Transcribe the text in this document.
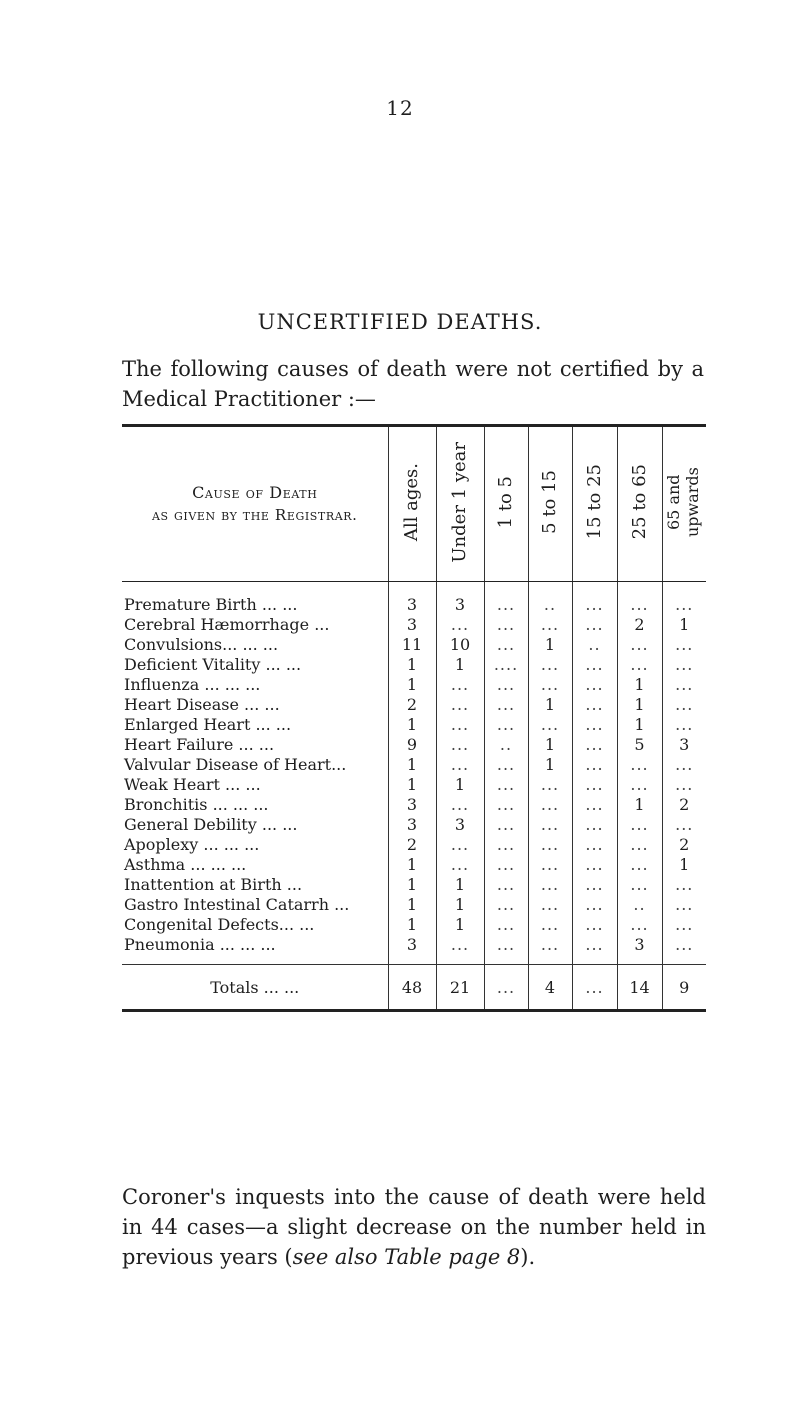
12
UNCERTIFIED DEATHS.
The following causes of death were not certified by a Medical Practitioner :—
Cause of Death
as given by the Registrar.	All ages.	Under 1 year	1 to 5	5 to 15	15 to 25	25 to 65	65 and upwards
Premature Birth ... ...	3	3	...	..	...	...	...
Cerebral Hæmorrhage ...	3	...	...	...	...	2	1
Convulsions... ... ...	11	10	...	1	..	...	...
Deficient Vitality ... ...	1	1	....	...	...	...	...
Influenza ... ... ...	1	...	...	...	...	1	...
Heart Disease ... ...	2	...	...	1	...	1	...
Enlarged Heart ... ...	1	...	...	...	...	1	...
Heart Failure ... ...	9	...	..	1	...	5	3
Valvular Disease of Heart...	1	...	...	1	...	...	...
Weak Heart ... ...	1	1	...	...	...	...	...
Bronchitis ... ... ...	3	...	...	...	...	1	2
General Debility ... ...	3	3	...	...	...	...	...
Apoplexy ... ... ...	2	...	...	...	...	...	2
Asthma ... ... ...	1	...	...	...	...	...	1
Inattention at Birth ...	1	1	...	...	...	...	...
Gastro Intestinal Catarrh ...	1	1	...	...	...	..	...
Congenital Defects... ...	1	1	...	...	...	...	...
Pneumonia ... ... ...	3	...	...	...	...	3	...
Totals ... ...	48	21	...	4	...	14	9
Coroner's inquests into the cause of death were held in 44 cases—a slight decrease on the number held in previous years (see also Table page 8).
